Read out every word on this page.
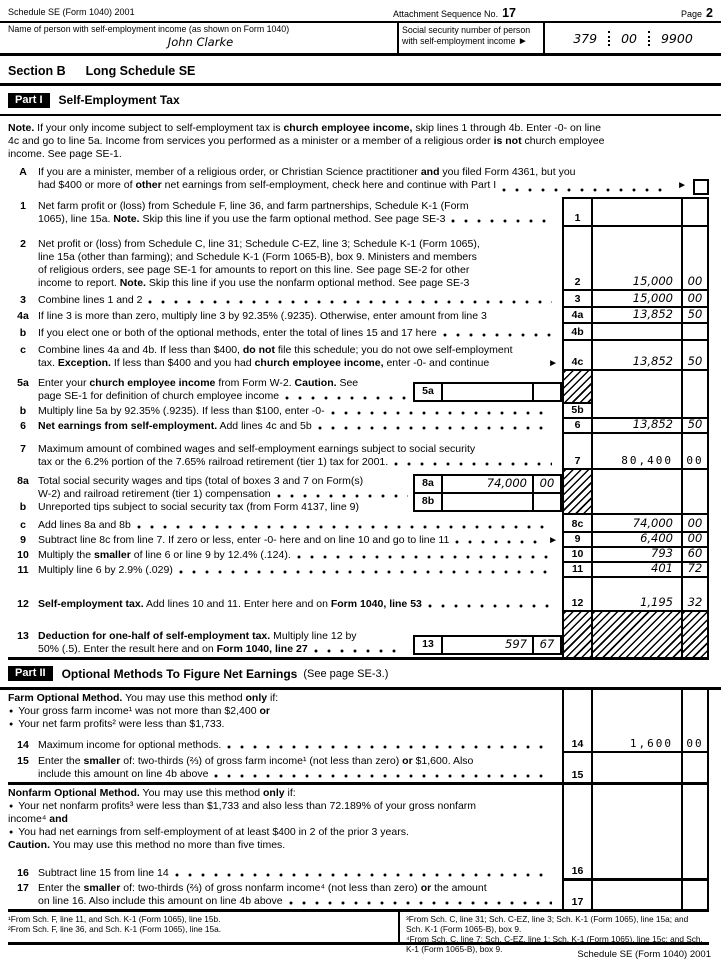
Schedule SE (Form 1040) 2001	Attachment Sequence No. 17	Page 2
Name of person with self-employment income (as shown on Form 1040)
John Clarke
Social security number of person with self-employment income ►	379 00 9900
Section B Long Schedule SE
Part I	Self-Employment Tax
Note. If your only income subject to self-employment tax is church employee income, skip lines 1 through 4b. Enter -0- on line
4c and go to line 5a. Income from services you performed as a minister or a member of a religious order is not church employee
income. See page SE-1.
A	If you are a minister, member of a religious order, or Christian Science practitioner and you filed Form 4361, but you
had $400 or more of other net earnings from self-employment, check here and continue with Part I	►
1	Net farm profit or (loss) from Schedule F, line 36, and farm partnerships, Schedule K-1 (Form
1065), line 15a. Note. Skip this line if you use the farm optional method. See page SE-3	1
2	Net profit or (loss) from Schedule C, line 31; Schedule C-EZ, line 3; Schedule K-1 (Form 1065),
line 15a (other than farming); and Schedule K-1 (Form 1065-B), box 9. Ministers and members
of religious orders, see page SE-1 for amounts to report on this line. See page SE-2 for other
income to report. Note. Skip this line if you use the nonfarm optional method. See page SE-3	2	15,000 00
3	Combine lines 1 and 2	3	15,000 00
4a If line 3 is more than zero, multiply line 3 by 92.35% (.9235). Otherwise, enter amount from line 3	4a	13,852 50
b	If you elect one or both of the optional methods, enter the total of lines 15 and 17 here	4b
c	Combine lines 4a and 4b. If less than $400, do not file this schedule; you do not owe self-employment
tax. Exception. If less than $400 and you had church employee income, enter -0- and continue	►	4c	13,852 50
5a Enter your church employee income from Form W-2. Caution. See
page SE-1 for definition of church employee income	5a
b	Multiply line 5a by 92.35% (.9235). If less than $100, enter -0-	5b
6	Net earnings from self-employment. Add lines 4c and 5b	6	13,852 50
7	Maximum amount of combined wages and self-employment earnings subject to social security
tax or the 6.2% portion of the 7.65% railroad retirement (tier 1) tax for 2001.	7	80,400 00
8a Total social security wages and tips (total of boxes 3 and 7 on Form(s)
W-2) and railroad retirement (tier 1) compensation
b	Unreported tips subject to social security tax (from Form 4137, line 9)
8a	74,000	00
8b
c	Add lines 8a and 8b	8c	74,000 00
9	Subtract line 8c from line 7. If zero or less, enter -0- here and on line 10 and go to line 11	►	9	6,400 00
10 Multiply the smaller of line 6 or line 9 by 12.4% (.124).	10	793 60
11 Multiply line 6 by 2.9% (.029)	11	401 72
12 Self-employment tax. Add lines 10 and 11. Enter here and on Form 1040, line 53	12	1,195 32
13 Deduction for one-half of self-employment tax. Multiply line 12 by
50% (.5). Enter the result here and on Form 1040, line 27	13	597	67
Part II	Optional Methods To Figure Net Earnings (See page SE-3.)
Farm Optional Method. You may use this method only if:
● Your gross farm income¹ was not more than $2,400 or
● Your net farm profits² were less than $1,733.
14 Maximum income for optional methods.	14	1,600 00
15 Enter the smaller of: two-thirds (⅔) of gross farm income¹ (not less than zero) or $1,600. Also
include this amount on line 4b above	15
Nonfarm Optional Method. You may use this method only if:
● Your net nonfarm profits³ were less than $1,733 and also less than 72.189% of your gross nonfarm
income⁴ and
● You had net earnings from self-employment of at least $400 in 2 of the prior 3 years.
Caution. You may use this method no more than five times.
16 Subtract line 15 from line 14	16
17 Enter the smaller of: two-thirds (⅔) of gross nonfarm income⁴ (not less than zero) or the amount
on line 16. Also include this amount on line 4b above	17
¹From Sch. F, line 11, and Sch. K-1 (Form 1065), line 15b.
²From Sch. F, line 36, and Sch. K-1 (Form 1065), line 15a.
³From Sch. C, line 31; Sch. C-EZ, line 3; Sch. K-1 (Form 1065), line 15a; and Sch. K-1 (Form 1065-B), box 9.
⁴From Sch. C, line 7; Sch. C-EZ, line 1; Sch. K-1 (Form 1065), line 15c; and Sch. K-1 (Form 1065-B), box 9.	Schedule SE (Form 1040) 2001
